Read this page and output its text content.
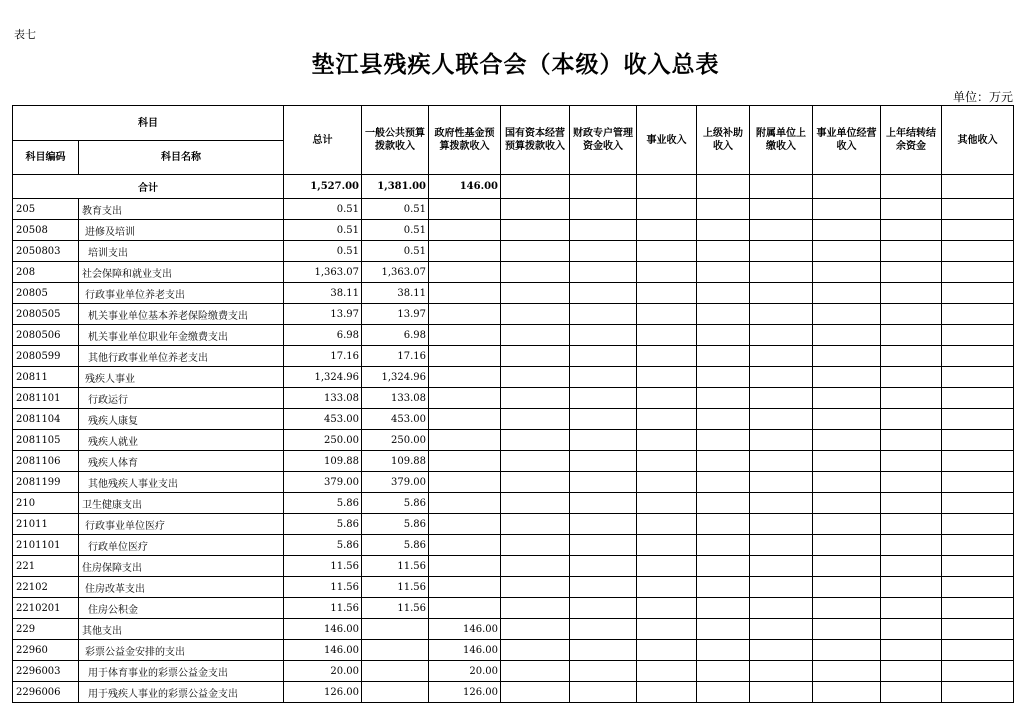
表七
垫江县残疾人联合会（本级）收入总表
单位：万元
科目		总计	一般公共预算拨款收入	政府性基金预算拨款收入	国有资本经营预算拨款收入	财政专户管理资金收入	事业收入	上级补助收入	附属单位上缴收入	事业单位经营收入	上年结转结余资金	其他收入
科目编码	科目名称											
合计		1,527.00	1,381.00	146.00								
205	教育支出	0.51	0.51									
20508	进修及培训	0.51	0.51									
2050803	培训支出	0.51	0.51									
208	社会保障和就业支出	1,363.07	1,363.07									
20805	行政事业单位养老支出	38.11	38.11									
2080505	机关事业单位基本养老保险缴费支出	13.97	13.97									
2080506	机关事业单位职业年金缴费支出	6.98	6.98									
2080599	其他行政事业单位养老支出	17.16	17.16									
20811	残疾人事业	1,324.96	1,324.96									
2081101	行政运行	133.08	133.08									
2081104	残疾人康复	453.00	453.00									
2081105	残疾人就业	250.00	250.00									
2081106	残疾人体育	109.88	109.88									
2081199	其他残疾人事业支出	379.00	379.00									
210	卫生健康支出	5.86	5.86									
21011	行政事业单位医疗	5.86	5.86									
2101101	行政单位医疗	5.86	5.86									
221	住房保障支出	11.56	11.56									
22102	住房改革支出	11.56	11.56									
2210201	住房公积金	11.56	11.56									
229	其他支出	146.00		146.00								
22960	彩票公益金安排的支出	146.00		146.00								
2296003	用于体育事业的彩票公益金支出	20.00		20.00								
2296006	用于残疾人事业的彩票公益金支出	126.00		126.00								
